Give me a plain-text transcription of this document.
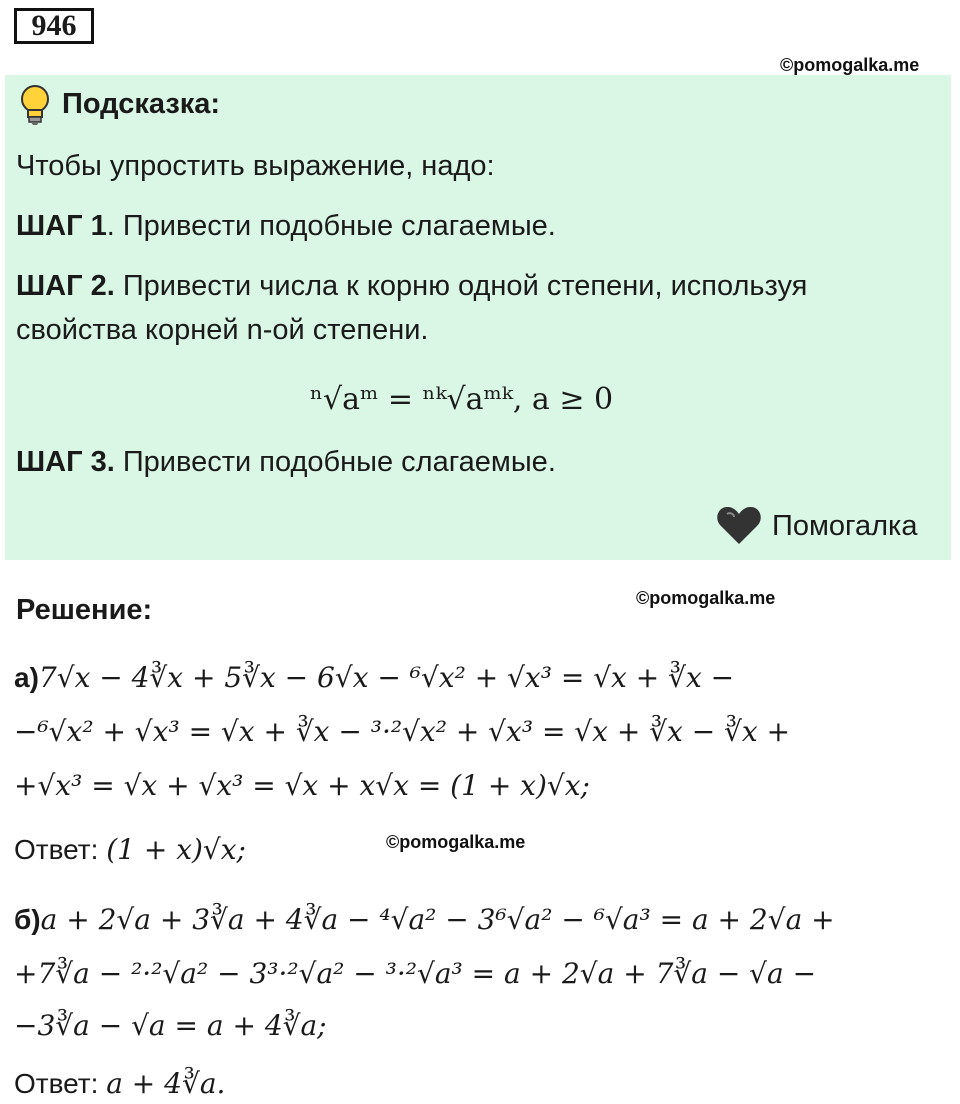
946
©pomogalka.me
Подсказка:
Чтобы упростить выражение, надо:
ШАГ 1. Привести подобные слагаемые.
ШАГ 2. Привести числа к корню одной степени, используя
свойства корней n-ой степени.
ⁿ√aᵐ = ⁿᵏ√aᵐᵏ, a ≥ 0
ШАГ 3. Привести подобные слагаемые.
Помогалка
Решение:	©pomogalka.me
а)7√x − 4∛x + 5∛x − 6√x − ⁶√x² + √x³ = √x + ∛x −
−⁶√x² + √x³ = √x + ∛x − ³·²√x² + √x³ = √x + ∛x − ∛x +
+√x³ = √x + √x³ = √x + x√x = (1 + x)√x;
Ответ: (1 + x)√x;	©pomogalka.me
б)a + 2√a + 3∛a + 4∛a − ⁴√a² − 3⁶√a² − ⁶√a³ = a + 2√a +
+7∛a − ²·²√a² − 3³·²√a² − ³·²√a³ = a + 2√a + 7∛a − √a −
−3∛a − √a = a + 4∛a;
Ответ: a + 4∛a.
